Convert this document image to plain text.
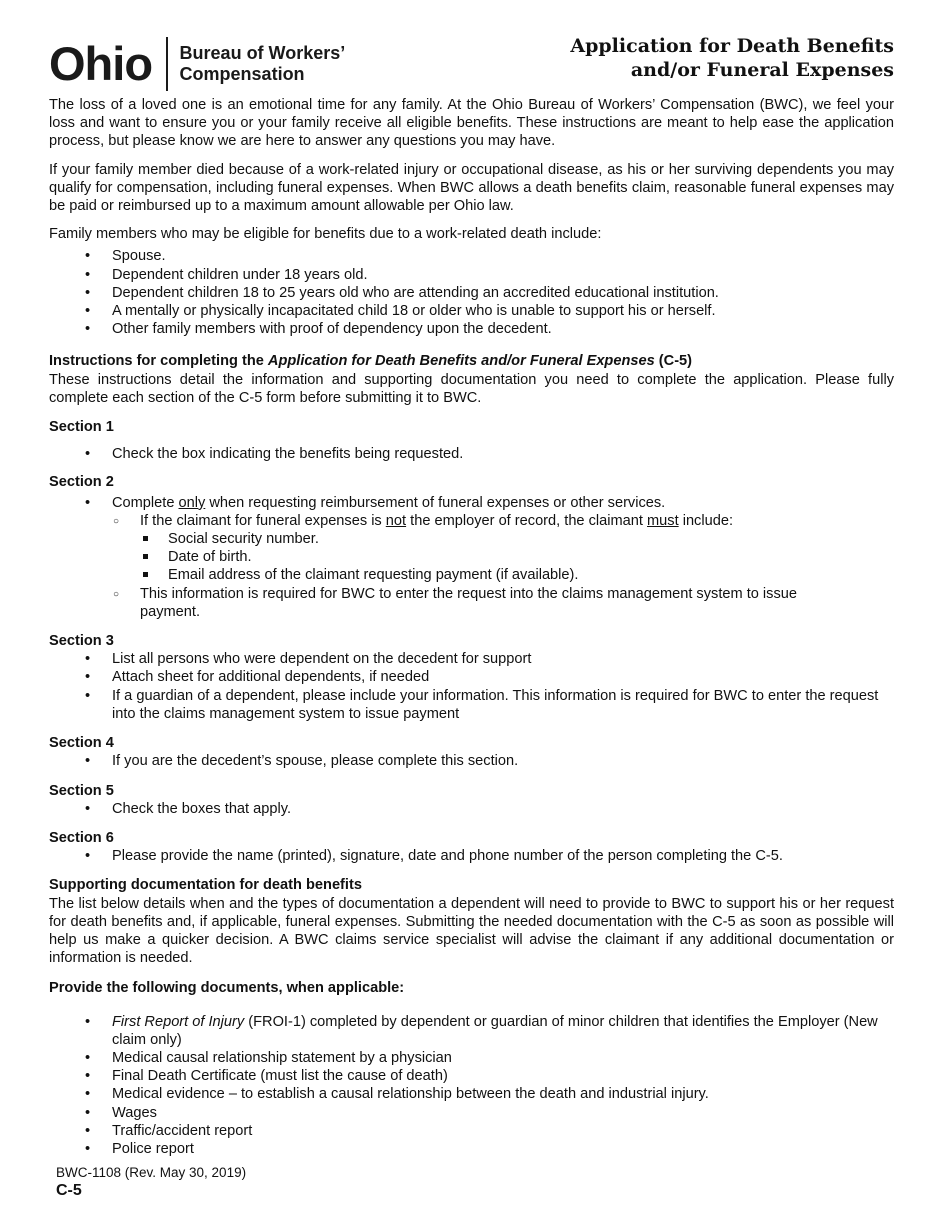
Ohio Bureau of Workers’
Compensation
Application for Death Benefits
and/or Funeral Expenses

The loss of a loved one is an emotional time for any family. At the Ohio Bureau of Workers’ Compensation (BWC), we feel your loss and want to ensure you or your family receive all eligible benefits. These instructions are meant to help ease the application process, but please know we are here to answer any questions you may have.

If your family member died because of a work-related injury or occupational disease, as his or her surviving dependents you may qualify for compensation, including funeral expenses. When BWC allows a death benefits claim, reasonable funeral expenses may be paid or reimbursed up to a maximum amount allowable per Ohio law.

Family members who may be eligible for benefits due to a work-related death include:

• Spouse.
• Dependent children under 18 years old.
• Dependent children 18 to 25 years old who are attending an accredited educational institution.
• A mentally or physically incapacitated child 18 or older who is unable to support his or herself.
• Other family members with proof of dependency upon the decedent.
Instructions for completing the Application for Death Benefits and/or Funeral Expenses (C-5)

These instructions detail the information and supporting documentation you need to complete the application. Please fully complete each section of the C-5 form before submitting it to BWC.

Section 1
• Check the box indicating the benefits being requested.
Section 2
• Complete only when requesting reimbursement of funeral expenses or other services.
○ If the claimant for funeral expenses is not the employer of record, the claimant must include:
Social security number.
Date of birth.
Email address of the claimant requesting payment (if available).
○ This information is required for BWC to enter the request into the claims management system to issue payment.
Section 3
• List all persons who were dependent on the decedent for support
• Attach sheet for additional dependents, if needed
• If a guardian of a dependent, please include your information. This information is required for BWC to enter the request into the claims management system to issue payment
Section 4
• If you are the decedent’s spouse, please complete this section.
Section 5
• Check the boxes that apply.
Section 6
• Please provide the name (printed), signature, date and phone number of the person completing the C-5.
Supporting documentation for death benefits

The list below details when and the types of documentation a dependent will need to provide to BWC to support his or her request for death benefits and, if applicable, funeral expenses. Submitting the needed documentation with the C-5 as soon as possible will help us make a quicker decision. A BWC claims service specialist will advise the claimant if any additional documentation or information is needed.

Provide the following documents, when applicable:
• First Report of Injury (FROI-1) completed by dependent or guardian of minor children that identifies the Employer (New claim only)
• Medical causal relationship statement by a physician
• Final Death Certificate (must list the cause of death)
• Medical evidence – to establish a causal relationship between the death and industrial injury.
• Wages
• Traffic/accident report
• Police report
BWC-1108 (Rev. May 30, 2019)
C-5
